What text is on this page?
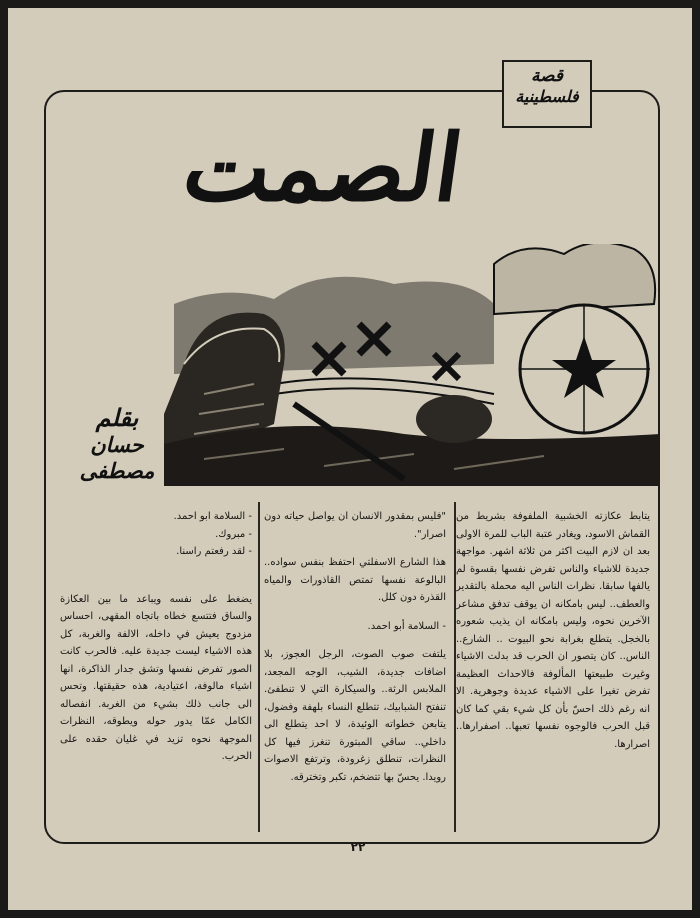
قصة
فلسطينية
الصمت
بقلم
حسان مصطفى

يتابط عكازته الخشبية الملفوفة بشريط من القماش الاسود، ويغادر عتبة الباب للمرة الاولى بعد ان لازم البيت اكثر من ثلاثة اشهر. مواجهة جديدة للاشياء والناس تفرض نفسها بقسوة لم يالفها سابقا. نظرات الناس اليه محملة بالتقدير والعطف.. ليس بامكانه ان يوقف تدفق مشاعر الآخرين نحوه، وليس بامكانه ان يذيب شعوره بالخجل. يتطلع بغرابة نحو البيوت .. الشارع.. الناس.. كان يتصور ان الحرب قد بدلت الاشياء وغيرت طبيعتها المألوفة فالاحداث العظيمة تفرض تغيرا على الاشياء عديدة وجوهرية. الا انه رغم ذلك احسّ بأن كل شيء بقي كما كان قبل الحرب فالوجوه نفسها تعبها.. اصفرارها.. اصرارها.

"فليس بمقدور الانسان ان يواصل حياته دون اصرار".

هذا الشارع الاسفلتي احتفظ بنفس سواده.. البالوعة نفسها تمتص القاذورات والمياه القذرة دون كلل.

- السلامة أبو احمد.

يلتفت صوب الصوت، الرجل العجوز، بلا اضافات جديدة، الشيب، الوجه المجعد، الملابس الرثة.. والسيكارة التي لا تنطفئ. تنفتح الشبابيك، تتطلع النساء بلهفة وفضول، يتابعن خطواته الوئيدة، لا احد يتطلع الى داخلي.. ساقي المبتورة تنغرز فيها كل النظرات، تنطلق زغرودة، وترتفع الاصوات رويدا. يحسّ بها تتضخم، تكبر وتخترقه.

- السلامة ابو احمد.

- مبروك.

- لقد رفعتم راسنا.

يضغط على نفسه ويباعد ما بين العكازة والساق فتتسع خطاه باتجاه المقهى، احساس مزدوج يعيش في داخله، الالفة والغربة، كل هذه الاشياء ليست جديدة عليه. فالحرب كانت الصور تفرض نفسها وتشق جدار الذاكرة، انها اشياء مالوفة، اعتيادية، هذه حقيقتها. وتحس الى جانب ذلك بشيء من الغربة. انفصاله الكامل عمّا يدور حوله ويطوقه، النظرات الموجهة نحوه تزيد في غليان حقده على الحرب.

٢٢
